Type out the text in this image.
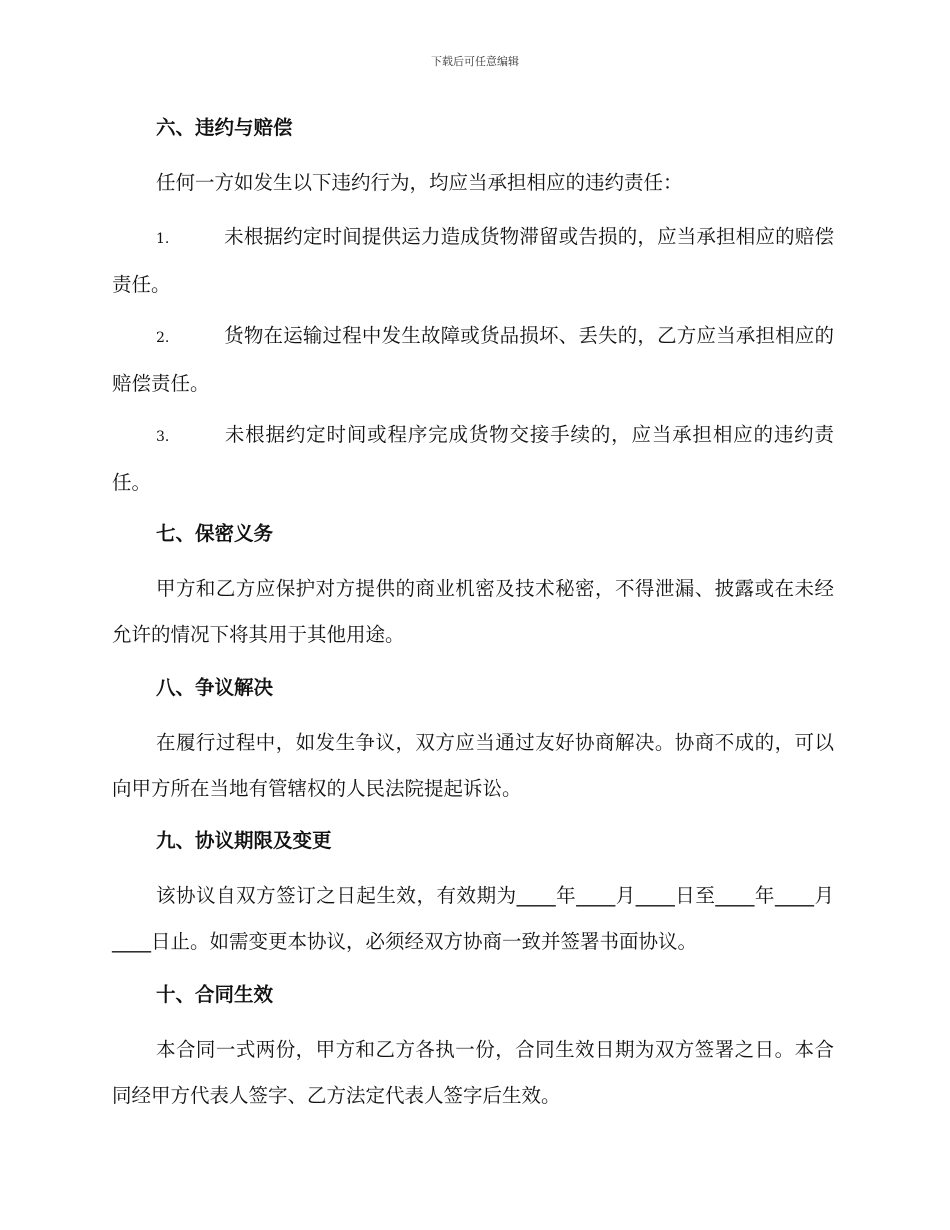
下载后可任意编辑
六、违约与赔偿
任何一方如发生以下违约行为，均应当承担相应的违约责任：
1.	未根据约定时间提供运力造成货物滞留或告损的，应当承担相应的赔偿责任。
2.	货物在运输过程中发生故障或货品损坏、丢失的，乙方应当承担相应的赔偿责任。
3.	未根据约定时间或程序完成货物交接手续的，应当承担相应的违约责任。
七、保密义务
甲方和乙方应保护对方提供的商业机密及技术秘密，不得泄漏、披露或在未经允许的情况下将其用于其他用途。
八、争议解决
在履行过程中，如发生争议，双方应当通过友好协商解决。协商不成的，可以向甲方所在当地有管辖权的人民法院提起诉讼。
九、协议期限及变更
该协议自双方签订之日起生效，有效期为____年____月____日至____年____月____日止。如需变更本协议，必须经双方协商一致并签署书面协议。
十、合同生效
本合同一式两份，甲方和乙方各执一份，合同生效日期为双方签署之日。本合同经甲方代表人签字、乙方法定代表人签字后生效。
